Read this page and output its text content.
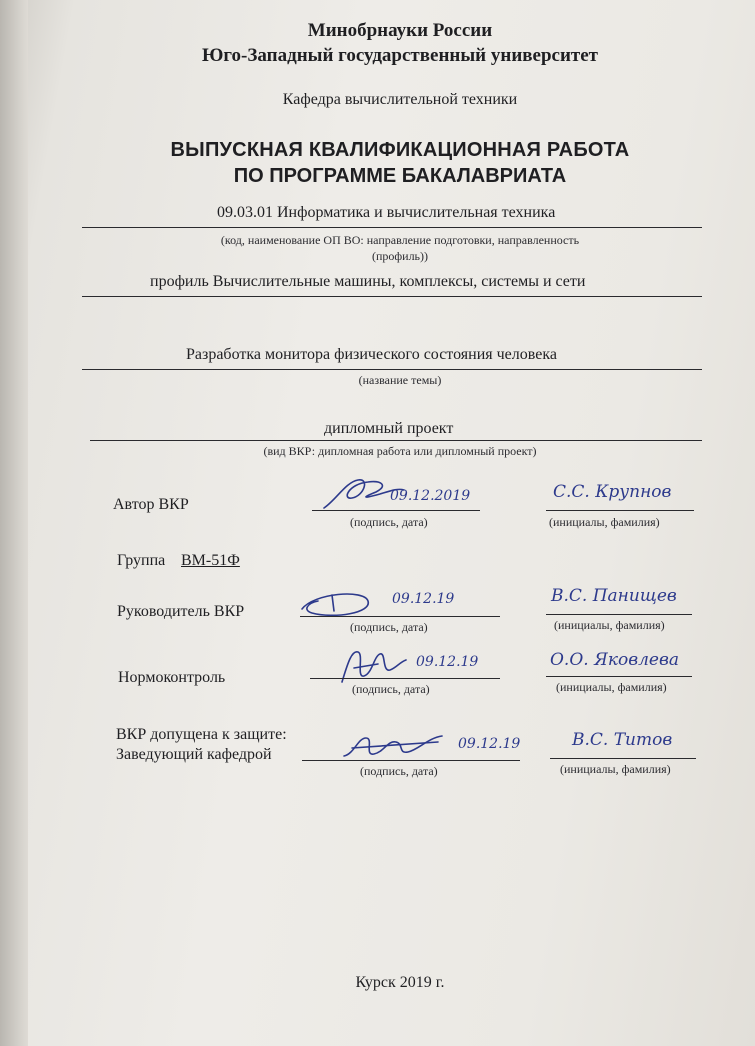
Минобрнауки России
Юго-Западный государственный университет
Кафедра вычислительной техники
ВЫПУСКНАЯ КВАЛИФИКАЦИОННАЯ РАБОТА
ПО ПРОГРАММЕ БАКАЛАВРИАТА
09.03.01 Информатика и вычислительная техника
(код, наименование ОП ВО: направление подготовки, направленность
(профиль))
профиль Вычислительные машины, комплексы, системы и сети
Разработка монитора физического состояния человека
(название темы)
дипломный проект
(вид ВКР: дипломная работа или дипломный проект)
Автор ВКР	09.12.2019
(подпись, дата)
С.С. Крупнов
(инициалы, фамилия)
Группа ВМ-51Ф
Руководитель ВКР
09.12.19
(подпись, дата)
В.С. Панищев
(инициалы, фамилия)
Нормоконтроль
09.12.19
(подпись, дата)
О.О. Яковлева
(инициалы, фамилия)
ВКР допущена к защите:
Заведующий кафедрой
09.12.19
(подпись, дата)
В.С. Титов
(инициалы, фамилия)
Курск 2019 г.
